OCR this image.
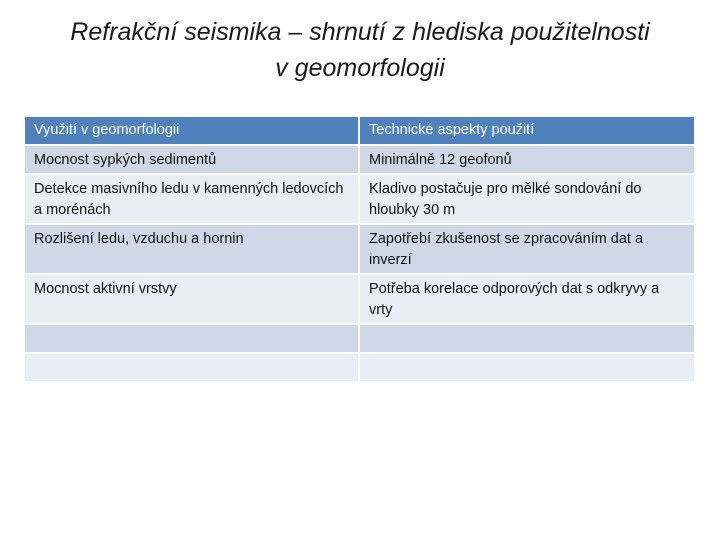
Refrakční seismika – shrnutí z hlediska použitelnosti
v geomorfologii
Využití v geomorfologii	Technické aspekty použití
Mocnost sypkých sedimentů	Minimálně 12 geofonů
Detekce masivního ledu v kamenných ledovcích a morénách	Kladivo postačuje pro mělké sondování do hloubky 30 m
Rozlišení ledu, vzduchu a hornin	Zapotřebí zkušenost se zpracováním dat a inverzí
Mocnost aktivní vrstvy	Potřeba korelace odporových dat s odkryvy a vrty
